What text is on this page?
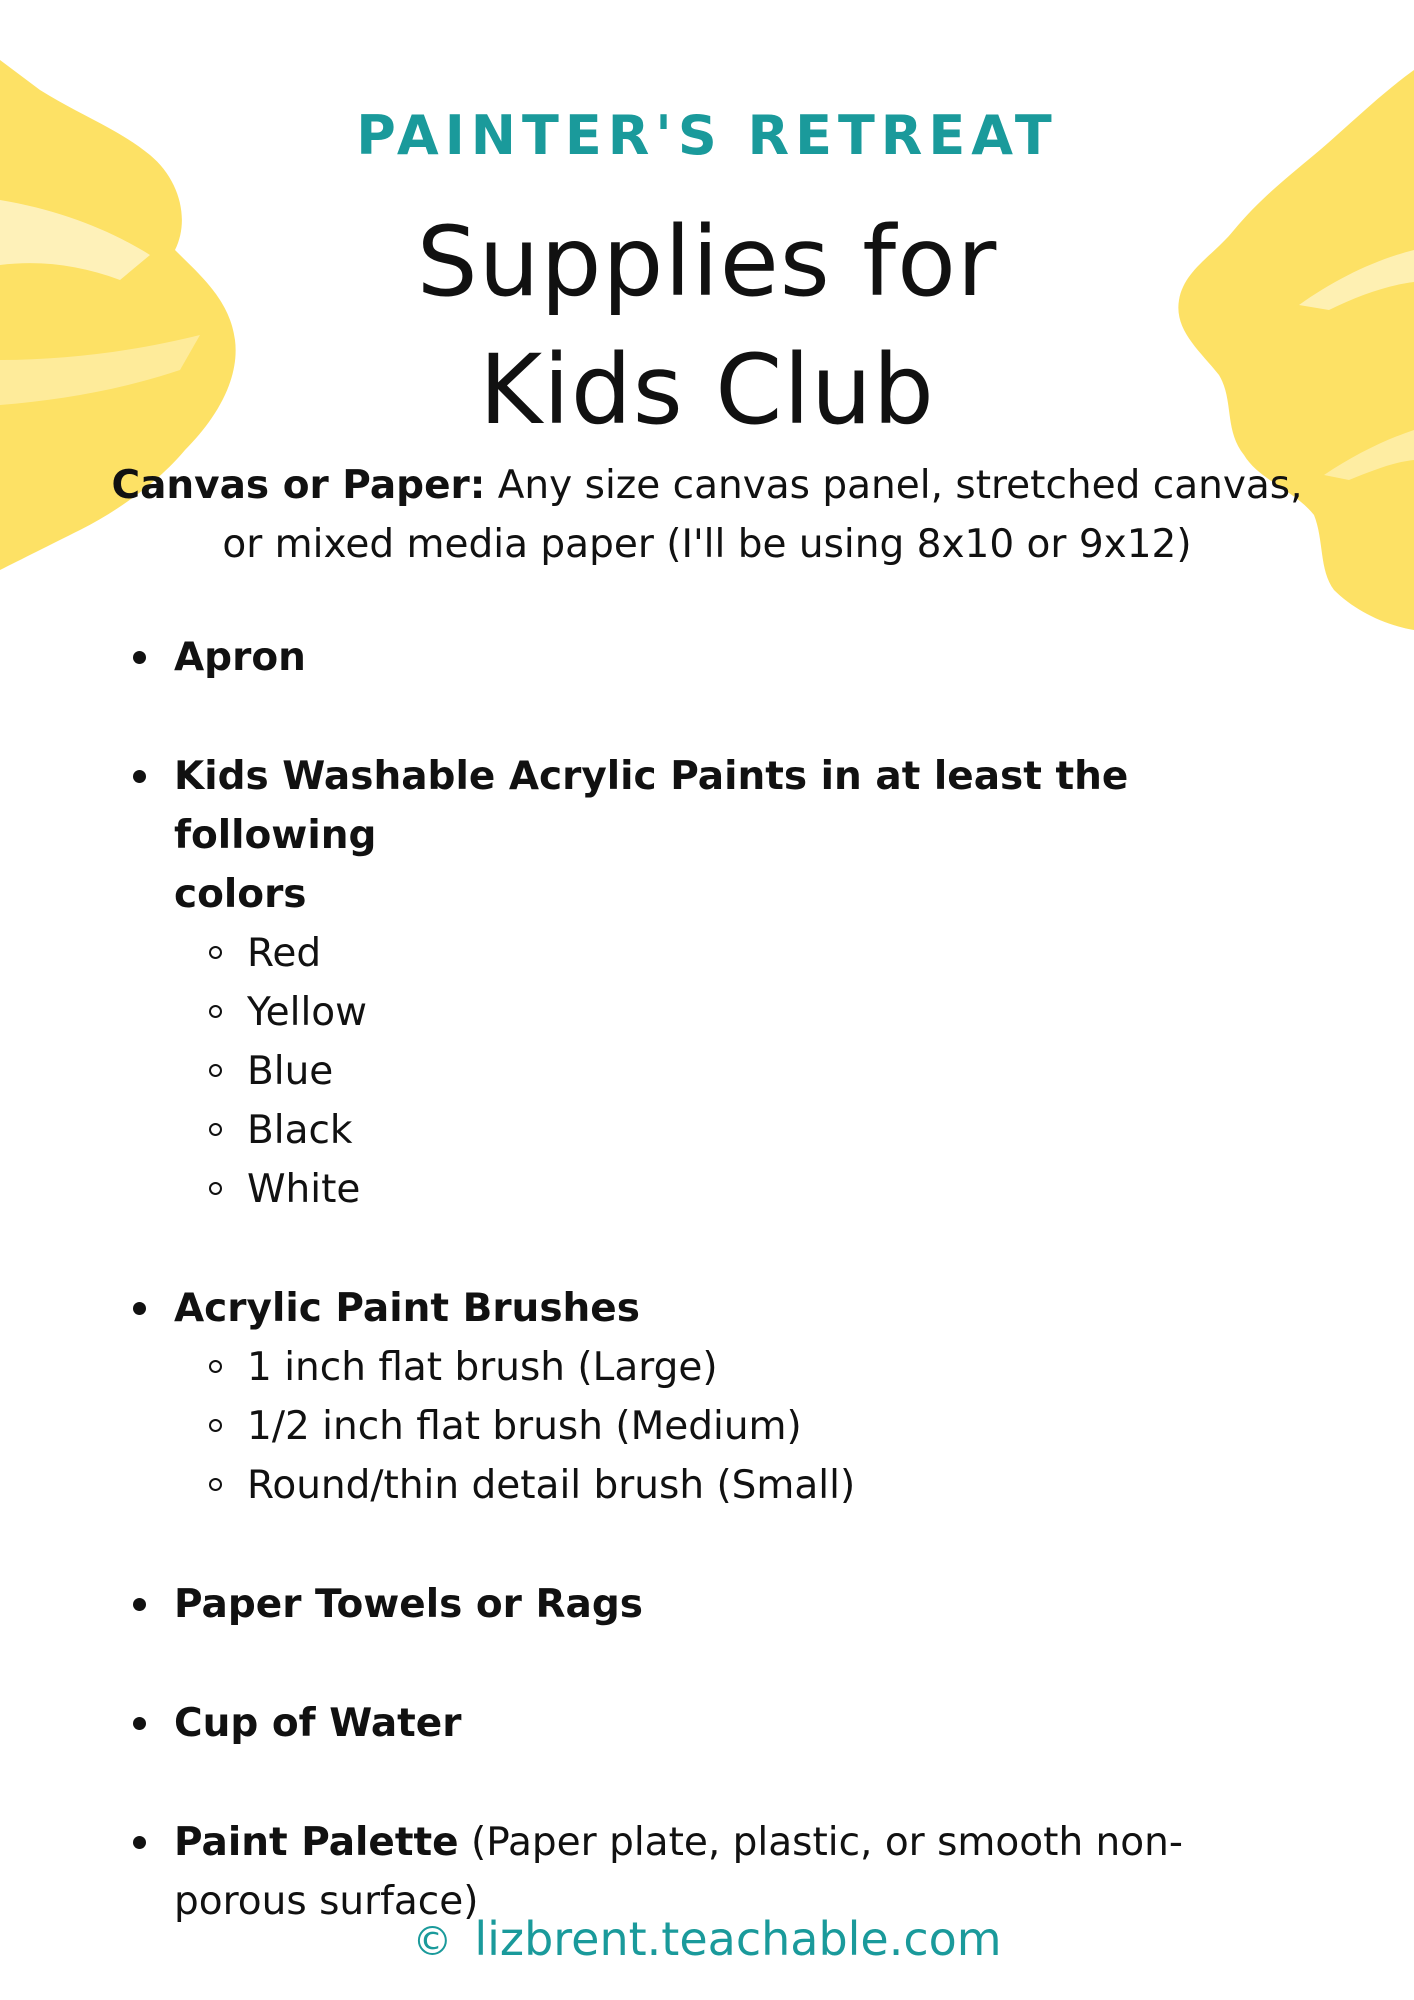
PAINTER'S RETREAT
Supplies for
Kids Club
Canvas or Paper: Any size canvas panel, stretched canvas,
or mixed media paper (I'll be using 8x10 or 9x12)
Apron
Kids Washable Acrylic Paints in at least the following
colors
Red
Yellow
Blue
Black
White
Acrylic Paint Brushes
1 inch flat brush (Large)
1/2 inch flat brush (Medium)
Round/thin detail brush (Small)
Paper Towels or Rags
Cup of Water
Paint Palette (Paper plate, plastic, or smooth non-
porous surface)
© lizbrent.teachable.com
